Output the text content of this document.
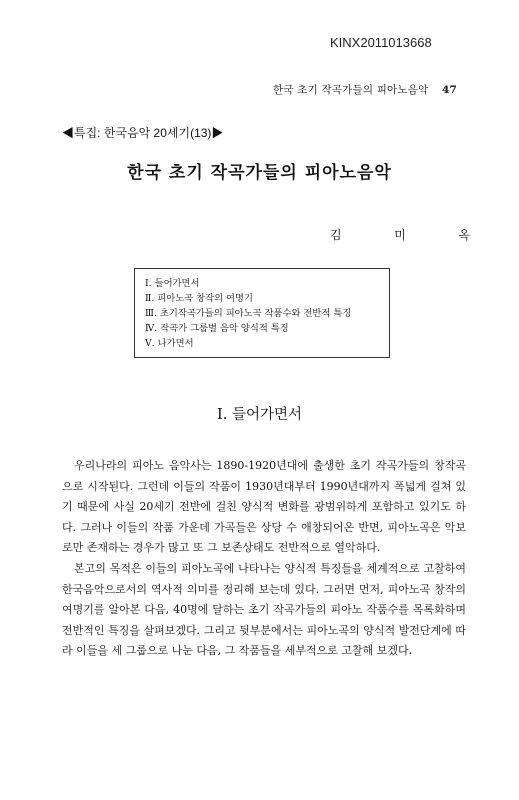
KINX2011013668
한국 초기 작곡가들의 피아노음악 47
◀특집: 한국음악 20세기(13)▶
한국 초기 작곡가들의 피아노음악
김	미	옥
Ⅰ. 들어가면서
Ⅱ. 피아노곡 창작의 여명기
Ⅲ. 초기작곡가들의 피아노곡 작품수와 전반적 특징
Ⅳ. 작곡가 그룹별 음악 양식적 특징
Ⅴ. 나가면서
Ⅰ. 들어가면서

우리나라의 피아노 음악사는 1890-1920년대에 출생한 초기 작곡가들의 창작곡으로 시작된다. 그런데 이들의 작품이 1930년대부터 1990년대까지 폭넓게 걸쳐 있기 때문에 사실 20세기 전반에 걸친 양식적 변화를 광범위하게 포함하고 있기도 하다. 그러나 이들의 작품 가운데 가곡들은 상당 수 애창되어온 반면, 피아노곡은 악보로만 존재하는 경우가 많고 또 그 보존상태도 전반적으로 열악하다.

본고의 목적은 이들의 피아노곡에 나타나는 양식적 특징들을 체계적으로 고찰하여 한국음악으로서의 역사적 의미를 정리해 보는데 있다. 그러면 먼저, 피아노곡 창작의 여명기를 알아본 다음, 40명에 달하는 초기 작곡가들의 피아노 작품수를 목록화하며 전반적인 특징을 살펴보겠다. 그리고 뒷부분에서는 피아노곡의 양식적 발전단계에 따라 이들을 세 그룹으로 나눈 다음, 그 작품들을 세부적으로 고찰해 보겠다.
